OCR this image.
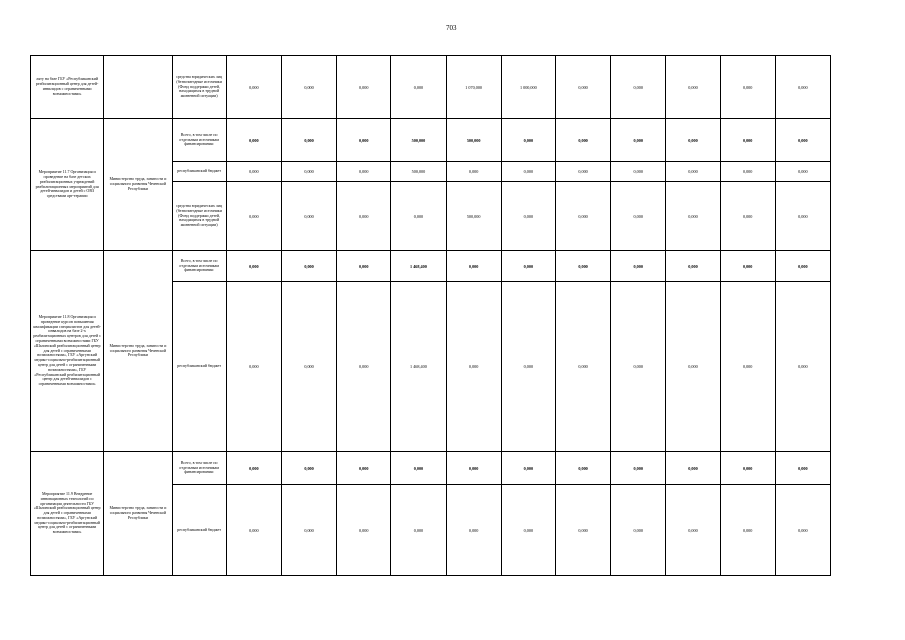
703
ляту на базе ГБУ «Республиканский реабилитационный центр для детей-инвалидов с ограниченными возможностями»		средства юридических лиц (безвозмездные источники (Фонд поддержки детей, находящихся в трудной жизненной ситуации)	0,000	0,000	0,000	0,000	1 070,000	1 000,000	0,000	0,000	0,000	0,000	0,000
Мероприятие 11.7 Организация и проведение на базе детских реабилитационных учреждений реабилитационных мероприятий для детей-инвалидов и детей с ОВЗ средствами арт-терапии	Министерство труда, занятости и социального развития Чеченской Республики	Всего, в том числе по отдельным источникам финансирования:	0,000	0,000	0,000	500,000	500,000	0,000	0,000	0,000	0,000	0,000	0,000
		республиканский бюджет	0,000	0,000	0,000	500,000	0,000	0,000	0,000	0,000	0,000	0,000	0,000
		средства юридических лиц (безвозмездные источники (Фонд поддержки детей, находящихся в трудной жизненной ситуации)	0,000	0,000	0,000	0,000	500,000	0,000	0,000	0,000	0,000	0,000	0,000
Мероприятие 11.8 Организация и проведение курсов повышения квалификации специалистов для детей-инвалидов на базе 2-х реабилитационных центров для детей с ограниченными возможностями ГБУ «Шалинский реабилитационный центр для детей с ограниченными возможностями», ГБУ «Аргунский медико-социально-реабилитационный центр для детей с ограниченными возможностями», ГБУ «Республиканский реабилитационный центр для детей-инвалидов с ограниченными возможностями»	Министерство труда, занятости и социального развития Чеченской Республики	Всего, в том числе по отдельным источникам финансирования:	0,000	0,000	0,000	1 468,400	0,000	0,000	0,000	0,000	0,000	0,000	0,000
		республиканский бюджет	0,000	0,000	0,000	1 468,400	0,000	0,000	0,000	0,000	0,000	0,000	0,000
Мероприятие 11.9 Внедрение инновационных технологий по организации деятельности ГБУ «Шалинский реабилитационный центр для детей с ограниченными возможностями», ГБУ «Аргунский медико-социально-реабилитационный центр для детей с ограниченными возможностями»	Министерство труда, занятости и социального развития Чеченской Республики	Всего, в том числе по отдельным источникам финансирования:	0,000	0,000	0,000	0,000	0,000	0,000	0,000	0,000	0,000	0,000	0,000
		республиканский бюджет	0,000	0,000	0,000	0,000	0,000	0,000	0,000	0,000	0,000	0,000	0,000
